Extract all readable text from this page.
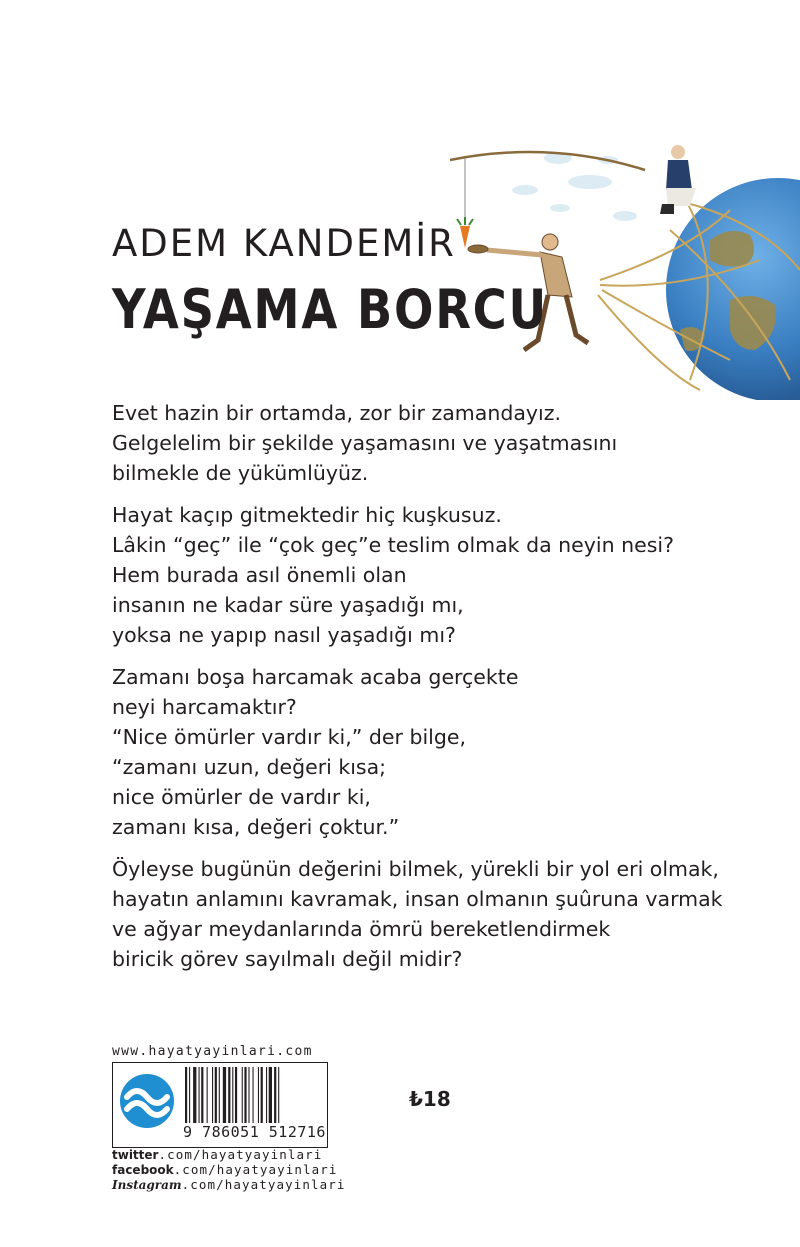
ADEM KANDEMİR
YAŞAMA BORCU

Evet hazin bir ortamda, zor bir zamandayız.
Gelgelelim bir şekilde yaşamasını ve yaşatmasını
bilmekle de yükümlüyüz.

Hayat kaçıp gitmektedir hiç kuşkusuz.
Lâkin “geç” ile “çok geç”e teslim olmak da neyin nesi?
Hem burada asıl önemli olan
insanın ne kadar süre yaşadığı mı,
yoksa ne yapıp nasıl yaşadığı mı?

Zamanı boşa harcamak acaba gerçekte
neyi harcamaktır?
“Nice ömürler vardır ki,” der bilge,
“zamanı uzun, değeri kısa;
nice ömürler de vardır ki,
zamanı kısa, değeri çoktur.”

Öyleyse bugünün değerini bilmek, yürekli bir yol eri olmak,
hayatın anlamını kavramak, insan olmanın şuûruna varmak
ve ağyar meydanlarında ömrü bereketlendirmek
biricik görev sayılmalı değil midir?

www.hayatyayinlari.com
9 786051 512716
₺18
twitter.com/hayatyayinlari
facebook.com/hayatyayinlari
Instagram.com/hayatyayinlari
